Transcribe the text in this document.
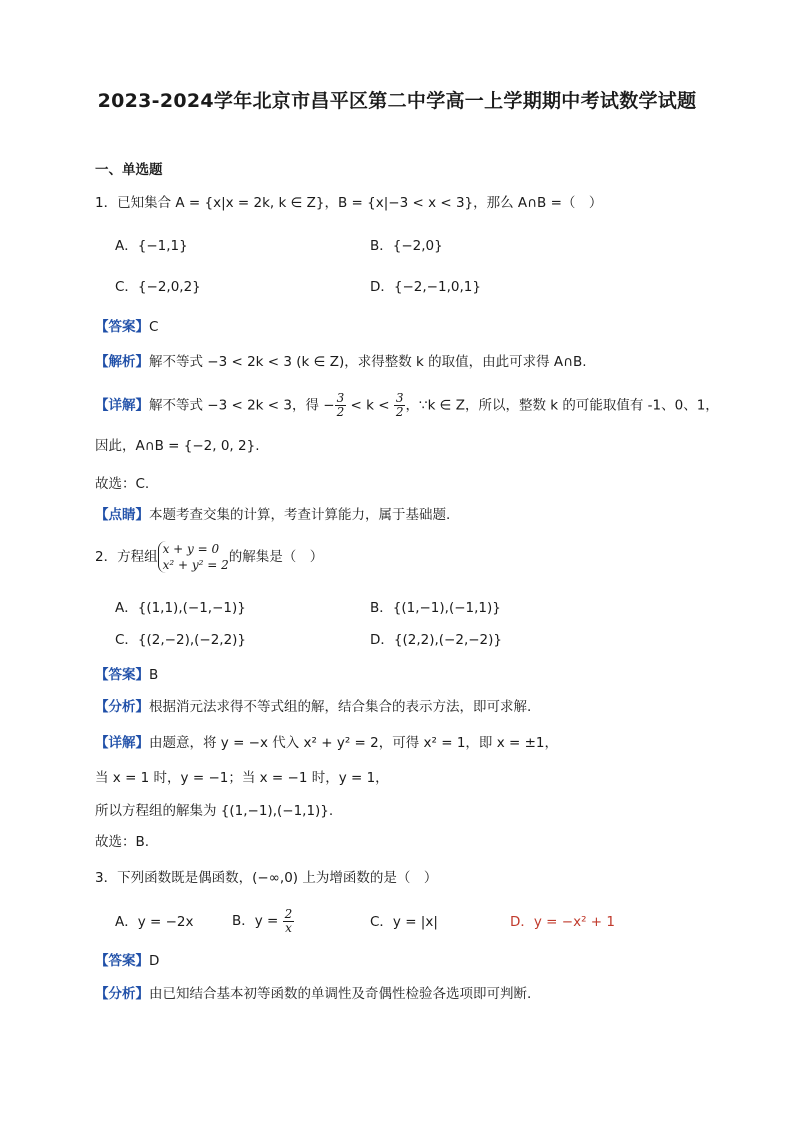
2023-2024学年北京市昌平区第二中学高一上学期期中考试数学试题
一、单选题
1．已知集合 A = {x|x = 2k, k ∈ Z}，B = {x|−3 < x < 3}，那么 A∩B =（　）
A．{−1,1}	B．{−2,0}
C．{−2,0,2}	D．{−2,−1,0,1}
【答案】C
【解析】解不等式 −3 < 2k < 3 (k ∈ Z)，求得整数 k 的取值，由此可求得 A∩B.
【详解】解不等式 −3 < 2k < 3，得 − $\frac{3}{2} < k < \frac{3}{2}$ ，∵k ∈ Z，所以，整数 k 的可能取值有 -1、0、1，
因此，A∩B = {−2, 0, 2}.
故选：C.
【点睛】本题考查交集的计算，考查计算能力，属于基础题.
2．方程组 x + y = 0
x² + y² = 2 的解集是（　）
A．{(1,1),(−1,−1)}	B．{(1,−1),(−1,1)}
C．{(2,−2),(−2,2)}	D．{(2,2),(−2,−2)}
【答案】B
【分析】根据消元法求得不等式组的解，结合集合的表示方法，即可求解.
【详解】由题意，将 y = −x 代入 x² + y² = 2，可得 x² = 1，即 x = ±1，
当 x = 1 时，y = −1；当 x = −1 时，y = 1，
所以方程组的解集为 {(1,−1),(−1,1)}.
故选：B.
3．下列函数既是偶函数，(−∞,0) 上为增函数的是（　）
A．y = −2x	B．$y = \frac{2}{x}$	C．y = |x|	D．y = −x² + 1
【答案】D
【分析】由已知结合基本初等函数的单调性及奇偶性检验各选项即可判断.
